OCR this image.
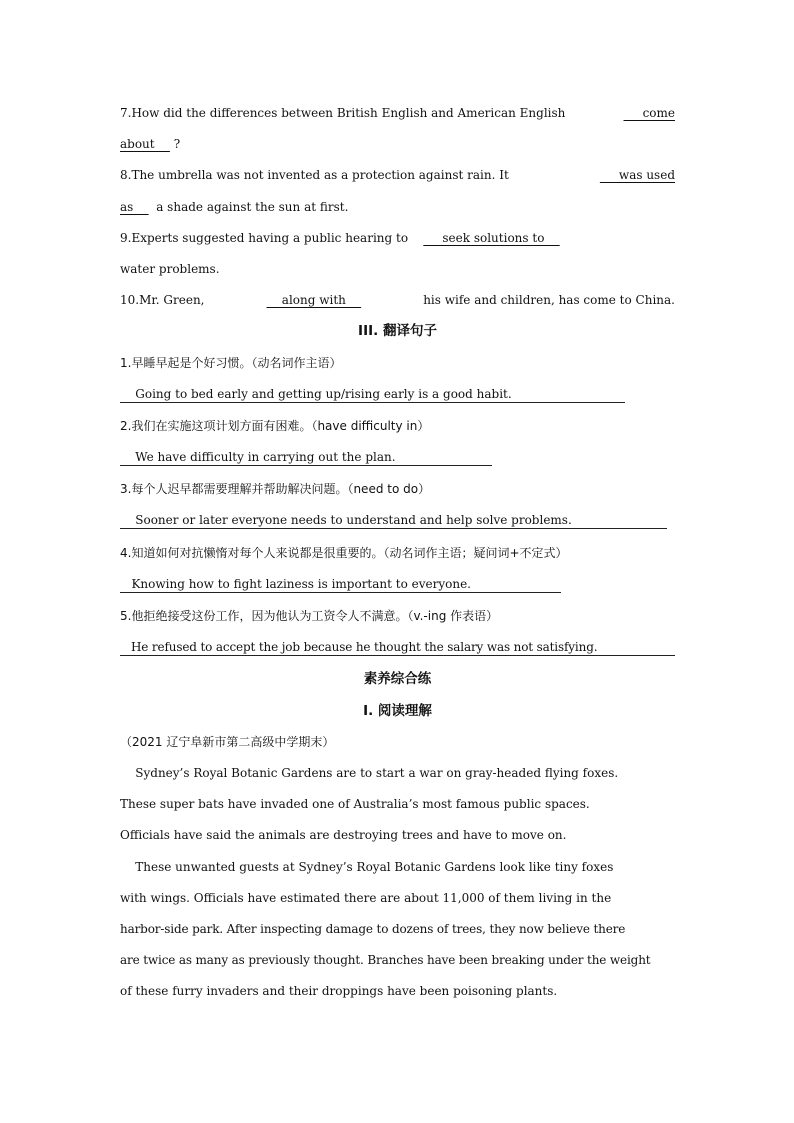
7.How did the differences between British English and American English	come
about     ?
8.The umbrella was not invented as a protection against rain. It	was used
as      a shade against the sun at first.
9.Experts suggested having a public hearing to         seek solutions to
water problems.
10.Mr. Green,	along with	his wife and children, has come to China.
III. 翻译句子
1.早睡早起是个好习惯。（动名词作主语）
Going to bed early and getting up/rising early is a good habit.
2.我们在实施这项计划方面有困难。（have difficulty in）
We have difficulty in carrying out the plan.
3.每个人迟早都需要理解并帮助解决问题。（need to do）
Sooner or later everyone needs to understand and help solve problems.
4.知道如何对抗懒惰对每个人来说都是很重要的。（动名词作主语；疑问词+不定式）
Knowing how to fight laziness is important to everyone.
5.他拒绝接受这份工作，因为他认为工资令人不满意。（v.-ing 作表语）
He refused to accept the job because he thought the salary was not satisfying.
素养综合练
I. 阅读理解
（2021 辽宁阜新市第二高级中学期末）
Sydney’s Royal Botanic Gardens are to start a war on gray-headed flying foxes.
These super bats have invaded one of Australia’s most famous public spaces.
Officials have said the animals are destroying trees and have to move on.
These unwanted guests at Sydney’s Royal Botanic Gardens look like tiny foxes
with wings. Officials have estimated there are about 11,000 of them living in the
harbor-side park. After inspecting damage to dozens of trees, they now believe there
are twice as many as previously thought. Branches have been breaking under the weight
of these furry invaders and their droppings have been poisoning plants.
